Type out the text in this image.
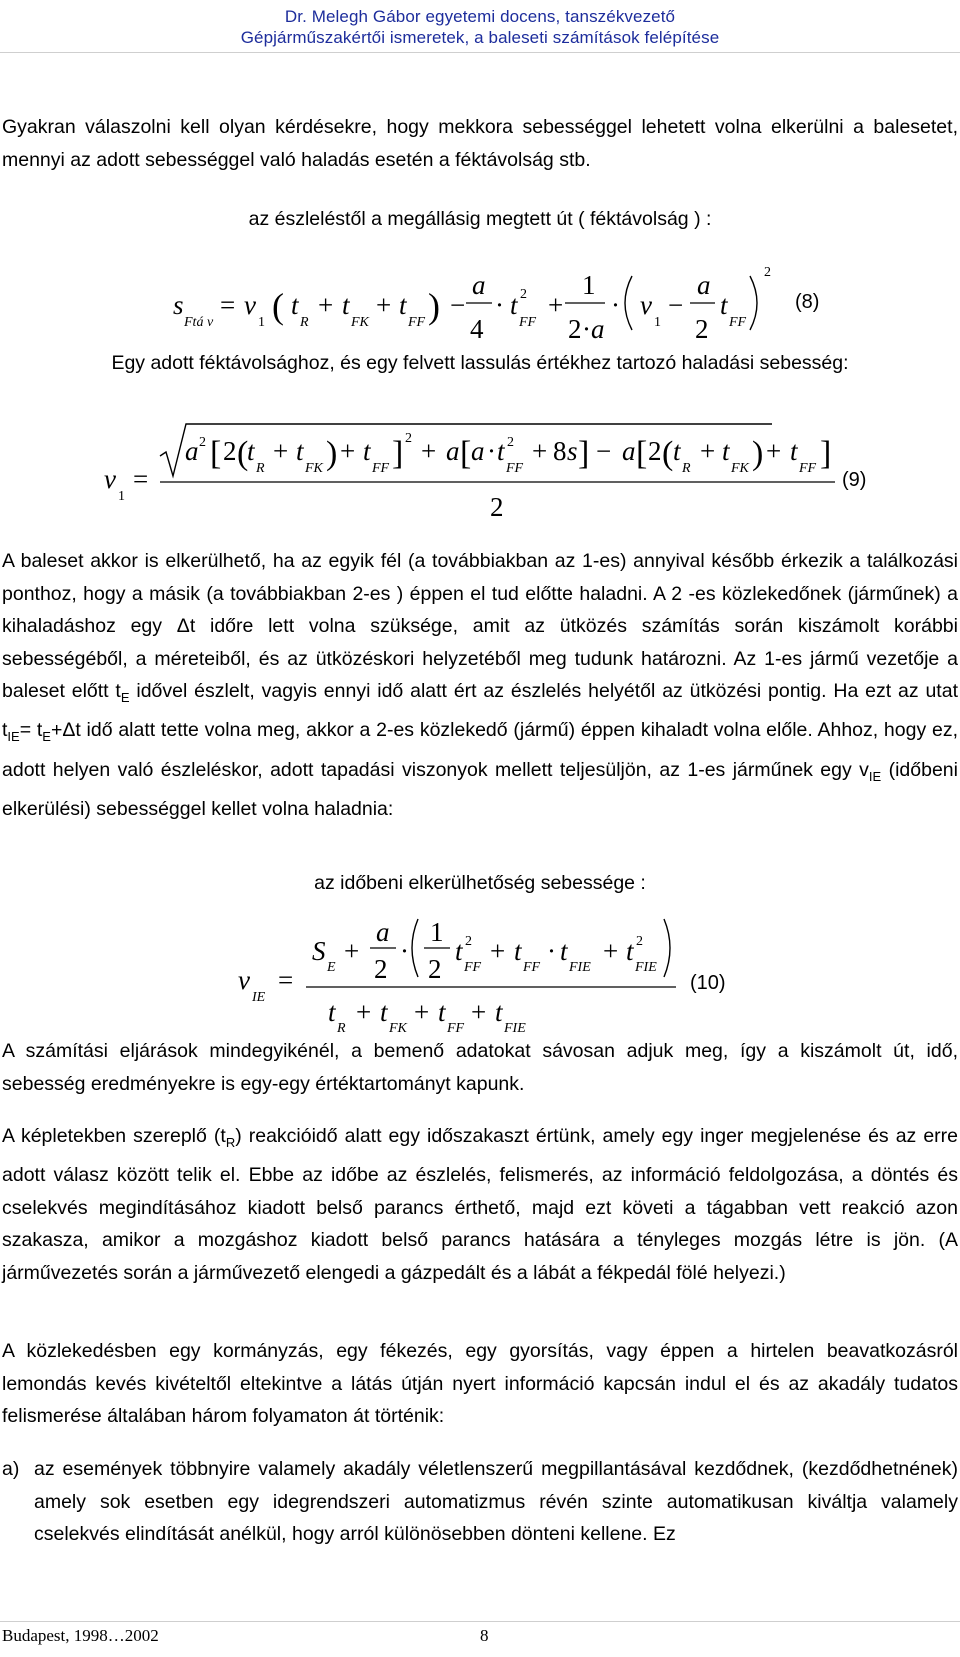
Dr. Melegh Gábor egyetemi docens, tanszékvezető
Gépjárműszakértői ismeretek, a baleseti számítások felépítése
Gyakran válaszolni kell olyan kérdésekre, hogy mekkora sebességgel lehetett volna elkerülni a balesetet, mennyi az adott sebességgel való haladás esetén a féktávolság stb.
az észleléstől a megállásig megtett út ( féktávolság ) :
s
Ftá v
= v
1 ( t
R
+ t
FK
+ t
FF ) −
a
4
· t 2
FF
+
1
2 · a
· v
1
−
a
2
t
FF
2
(8)
Egy adott féktávolsághoz, és egy felvett lassulás értékhez tartozó haladási sebesség:
v
1
=
a 2 [ 2 (
t
R
+ t
FK ) + t
FF ] 2 + a [ a · t 2
FF
+ 8 s ] − a [ 2 ( t
R
+ t
FK ) + t
FF ]
2
(9)
A baleset akkor is elkerülhető, ha az egyik fél (a továbbiakban az 1-es) annyival később érkezik a találkozási ponthoz, hogy a másik (a továbbiakban 2-es ) éppen el tud előtte haladni. A 2 -es közlekedőnek (járműnek) a kihaladáshoz egy Δt időre lett volna szüksége, amit az ütközés számítás során kiszámolt korábbi sebességéből, a méreteiből, és az ütközéskori helyzetéből meg tudunk határozni. Az 1-es jármű vezetője a baleset előtt $t_E$ idővel észlelt, vagyis ennyi idő alatt ért az észlelés helyétől az ütközési pontig. Ha ezt az utat $t_{IE}= t_E+\Delta t$ idő alatt tette volna meg, akkor a 2-es közlekedő (jármű) éppen kihaladt volna előle. Ahhoz, hogy ez, adott helyen való észleléskor, adott tapadási viszonyok mellett teljesüljön, az 1-es járműnek egy $v_{IE}$ (időbeni elkerülési) sebességgel kellet volna haladnia:
az időbeni elkerülhetőség sebessége :
v
IE
=
S
E
+
a
2
·
1
2
t 2
FF
+ t
FF
· t
FIE
+ t 2
FIE
t
R
+ t
FK
+ t
FF
+ t
FIE
(10)
A számítási eljárások mindegyikénél, a bemenő adatokat sávosan adjuk meg, így a kiszámolt út, idő, sebesség eredményekre is egy-egy értéktartományt kapunk.
A képletekben szereplő $(t_R)$ reakcióidő alatt egy időszakaszt értünk, amely egy inger megjelenése és az erre adott válasz között telik el. Ebbe az időbe az észlelés, felismerés, az információ feldolgozása, a döntés és cselekvés megindításához kiadott belső parancs érthető, majd ezt követi a tágabban vett reakció azon szakasza, amikor a mozgáshoz kiadott belső parancs hatására a tényleges mozgás létre is jön. (A járművezetés során a járművezető elengedi a gázpedált és a lábát a fékpedál fölé helyezi.)
A közlekedésben egy kormányzás, egy fékezés, egy gyorsítás, vagy éppen a hirtelen beavatkozásról lemondás kevés kivételtől eltekintve a látás útján nyert információ kapcsán indul el és az akadály tudatos felismerése általában három folyamaton át történik:
a) az események többnyire valamely akadály véletlenszerű megpillantásával kezdődnek, (kezdődhetnének) amely sok esetben egy idegrendszeri automatizmus révén szinte automatikusan kiváltja valamely cselekvés elindítását anélkül, hogy arról különösebben dönteni kellene. Ez
Budapest, 1998…2002	8
